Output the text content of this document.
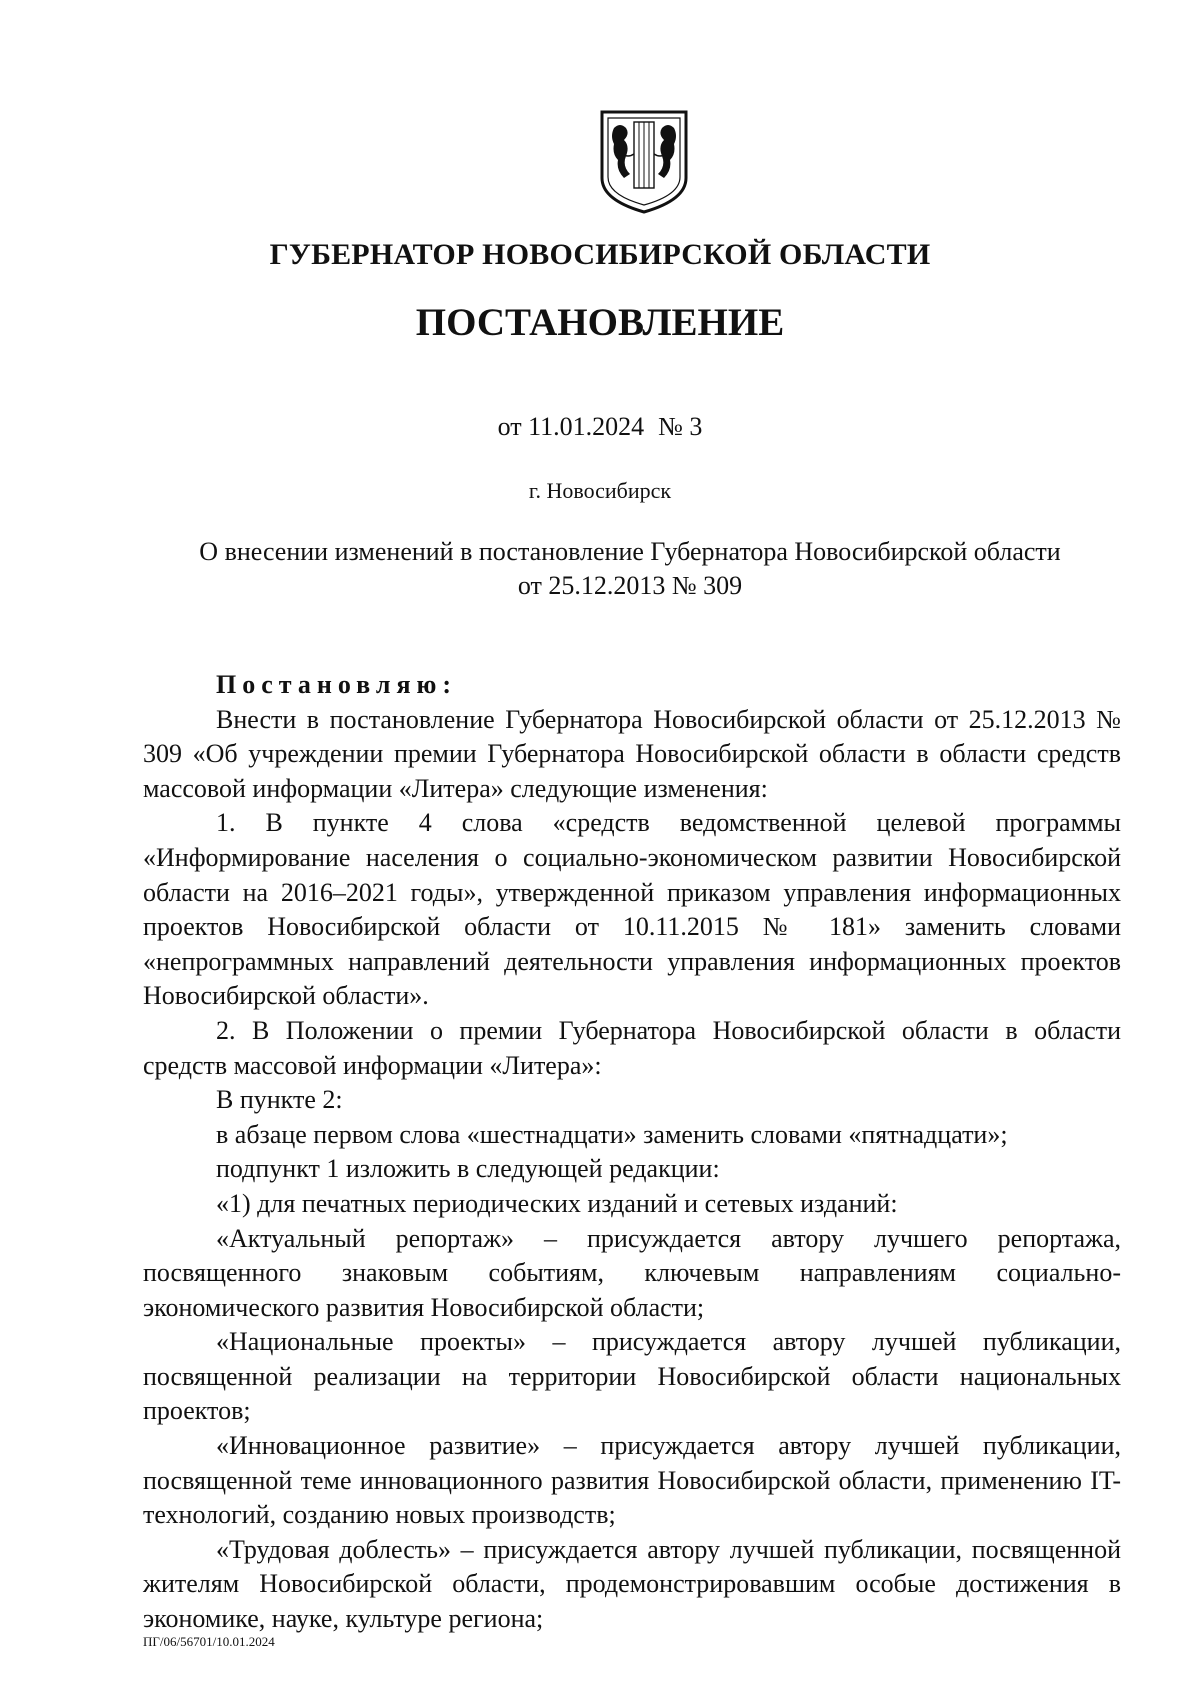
ГУБЕРНАТОР НОВОСИБИРСКОЙ ОБЛАСТИ
ПОСТАНОВЛЕНИЕ
от 11.01.2024 № 3
г. Новосибирск
О внесении изменений в постановление Губернатора Новосибирской области
от 25.12.2013 № 309

Постановляю:

Внести в постановление Губернатора Новосибирской области от 25.12.2013 № 309 «Об учреждении премии Губернатора Новосибирской области в области средств массовой информации «Литера» следующие изменения:

1. В пункте 4 слова «средств ведомственной целевой программы «Информирование населения о социально-экономическом развитии Новосибирской области на 2016–2021 годы», утвержденной приказом управления информационных проектов Новосибирской области от 10.11.2015 № 181» заменить словами «непрограммных направлений деятельности управления информационных проектов Новосибирской области».

2. В Положении о премии Губернатора Новосибирской области в области средств массовой информации «Литера»:

В пункте 2:

в абзаце первом слова «шестнадцати» заменить словами «пятнадцати»;

подпункт 1 изложить в следующей редакции:

«1) для печатных периодических изданий и сетевых изданий:

«Актуальный репортаж» – присуждается автору лучшего репортажа, посвященного знаковым событиям, ключевым направлениям социально-экономического развития Новосибирской области;

«Национальные проекты» – присуждается автору лучшей публикации, посвященной реализации на территории Новосибирской области национальных проектов;

«Инновационное развитие» – присуждается автору лучшей публикации, посвященной теме инновационного развития Новосибирской области, применению IT-технологий, созданию новых производств;

«Трудовая доблесть» – присуждается автору лучшей публикации, посвященной жителям Новосибирской области, продемонстрировавшим особые достижения в экономике, науке, культуре региона;

ПГ/06/56701/10.01.2024
